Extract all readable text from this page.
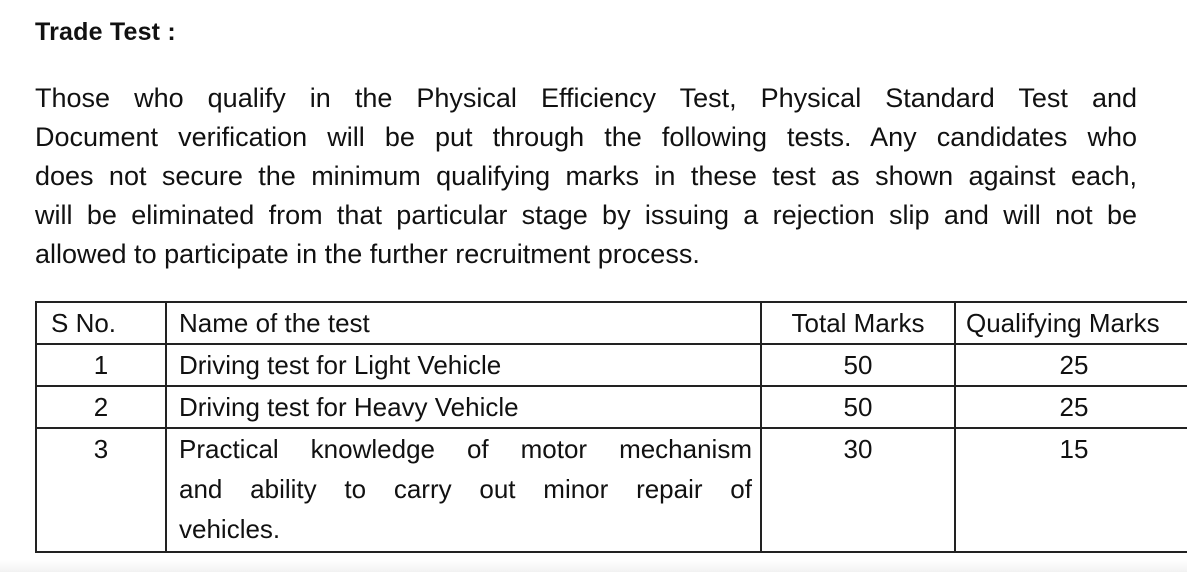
Trade Test :
Those who qualify in the Physical Efficiency Test, Physical Standard Test and
Document verification will be put through the following tests. Any candidates who
does not secure the minimum qualifying marks in these test as shown against each,
will be eliminated from that particular stage by issuing a rejection slip and will not be
allowed to participate in the further recruitment process.
S No.	Name of the test	Total Marks	Qualifying Marks
1	Driving test for Light Vehicle	50	25
2	Driving test for Heavy Vehicle	50	25
3	Practical knowledge of motor mechanism
and ability to carry out minor repair of
vehicles.	30	15
